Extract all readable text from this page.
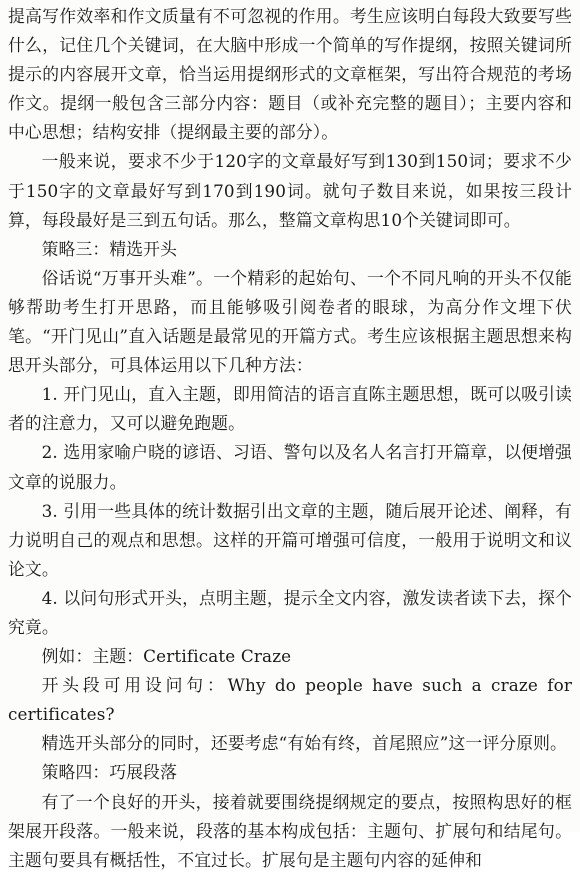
提高写作效率和作文质量有不可忽视的作用。考生应该明白每段大致要写些什么，记住几个关键词，在大脑中形成一个简单的写作提纲，按照关键词所提示的内容展开文章，恰当运用提纲形式的文章框架，写出符合规范的考场作文。提纲一般包含三部分内容：题目（或补充完整的题目）；主要内容和中心思想；结构安排（提纲最主要的部分）。

一般来说，要求不少于120字的文章最好写到130到150词；要求不少于150字的文章最好写到170到190词。就句子数目来说，如果按三段计算，每段最好是三到五句话。那么，整篇文章构思10个关键词即可。

策略三：精选开头

俗话说“万事开头难”。一个精彩的起始句、一个不同凡响的开头不仅能够帮助考生打开思路，而且能够吸引阅卷者的眼球，为高分作文埋下伏笔。“开门见山”直入话题是最常见的开篇方式。考生应该根据主题思想来构思开头部分，可具体运用以下几种方法：

1. 开门见山，直入主题，即用简洁的语言直陈主题思想，既可以吸引读者的注意力，又可以避免跑题。

2. 选用家喻户晓的谚语、习语、警句以及名人名言打开篇章，以便增强文章的说服力。

3. 引用一些具体的统计数据引出文章的主题，随后展开论述、阐释，有力说明自己的观点和思想。这样的开篇可增强可信度，一般用于说明文和议论文。

4. 以问句形式开头，点明主题，提示全文内容，激发读者读下去，探个究竟。

例如：主题：Certificate Craze

开头段可用设问句：Why do people have such a craze for certificates?

精选开头部分的同时，还要考虑“有始有终，首尾照应”这一评分原则。

策略四：巧展段落

有了一个良好的开头，接着就要围绕提纲规定的要点，按照构思好的框架展开段落。一般来说，段落的基本构成包括：主题句、扩展句和结尾句。主题句要具有概括性，不宜过长。扩展句是主题句内容的延伸和
